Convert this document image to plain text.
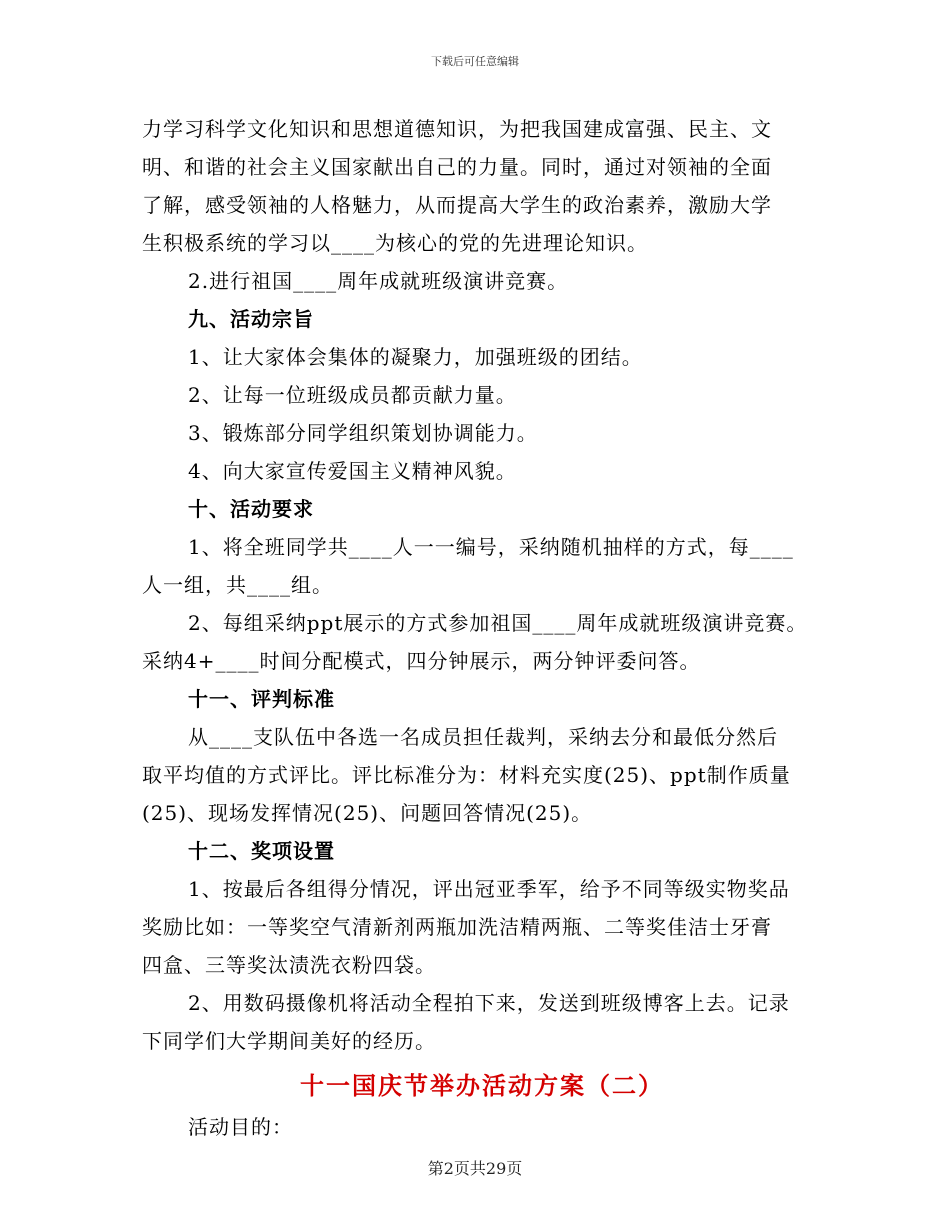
下载后可任意编辑
力学习科学文化知识和思想道德知识，为把我国建成富强、民主、文
明、和谐的社会主义国家献出自己的力量。同时，通过对领袖的全面
了解，感受领袖的人格魅力，从而提高大学生的政治素养，激励大学
生积极系统的学习以____为核心的党的先进理论知识。
2.进行祖国____周年成就班级演讲竞赛。
九、活动宗旨
1、让大家体会集体的凝聚力，加强班级的团结。
2、让每一位班级成员都贡献力量。
3、锻炼部分同学组织策划协调能力。
4、向大家宣传爱国主义精神风貌。
十、活动要求
1、将全班同学共____人一一编号，采纳随机抽样的方式，每____
人一组，共____组。
2、每组采纳ppt展示的方式参加祖国____周年成就班级演讲竞赛。
采纳4+____时间分配模式，四分钟展示，两分钟评委问答。
十一、评判标准
从____支队伍中各选一名成员担任裁判，采纳去分和最低分然后
取平均值的方式评比。评比标准分为：材料充实度(25)、ppt制作质量
(25)、现场发挥情况(25)、问题回答情况(25)。
十二、奖项设置
1、按最后各组得分情况，评出冠亚季军，给予不同等级实物奖品
奖励比如：一等奖空气清新剂两瓶加洗洁精两瓶、二等奖佳洁士牙膏
四盒、三等奖汰渍洗衣粉四袋。
2、用数码摄像机将活动全程拍下来，发送到班级博客上去。记录
下同学们大学期间美好的经历。
十一国庆节举办活动方案（二）
活动目的：
第2页共29页
